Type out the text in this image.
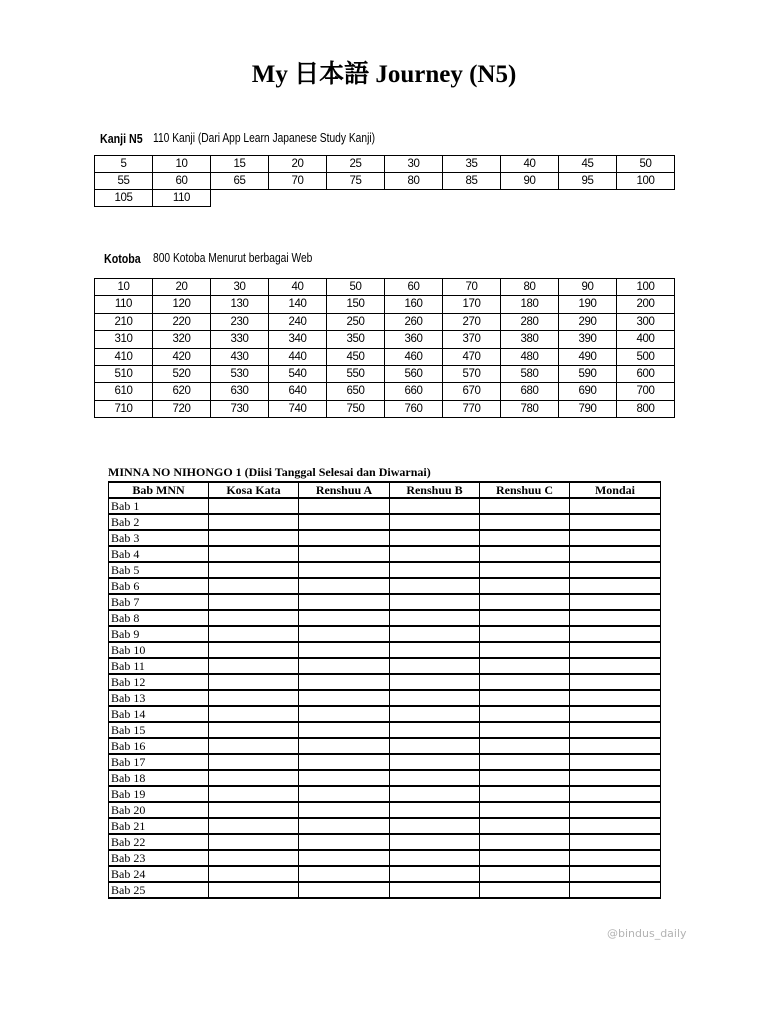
My 日本語 Journey (N5)
Kanji N5 110 Kanji (Dari App Learn Japanese Study Kanji)
5	10	15	20	25	30	35	40	45	50
55	60	65	70	75	80	85	90	95	100
105	110								
Kotoba 800 Kotoba Menurut berbagai Web
10	20	30	40	50	60	70	80	90	100
110	120	130	140	150	160	170	180	190	200
210	220	230	240	250	260	270	280	290	300
310	320	330	340	350	360	370	380	390	400
410	420	430	440	450	460	470	480	490	500
510	520	530	540	550	560	570	580	590	600
610	620	630	640	650	660	670	680	690	700
710	720	730	740	750	760	770	780	790	800
MINNA NO NIHONGO 1 (Diisi Tanggal Selesai dan Diwarnai)
Bab MNN	Kosa Kata	Renshuu A	Renshuu B	Renshuu C	Mondai
Bab 1					
Bab 2					
Bab 3					
Bab 4					
Bab 5					
Bab 6					
Bab 7					
Bab 8					
Bab 9					
Bab 10					
Bab 11					
Bab 12					
Bab 13					
Bab 14					
Bab 15					
Bab 16					
Bab 17					
Bab 18					
Bab 19					
Bab 20					
Bab 21					
Bab 22					
Bab 23					
Bab 24					
Bab 25					
@bindus_daily
